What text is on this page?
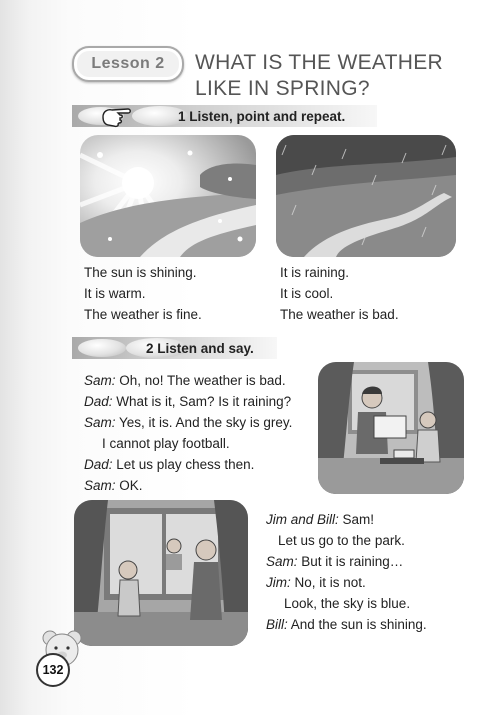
Lesson 2 WHAT IS THE WEATHER
LIKE IN SPRING?
1 Listen, point and repeat.
The sun is shining.
It is warm.
The weather is fine.
It is raining.
It is cool.
The weather is bad.
2 Listen and say.
Sam: Oh, no! The weather is bad.
Dad: What is it, Sam? Is it raining?
Sam: Yes, it is. And the sky is grey.
I cannot play football.
Dad: Let us play chess then.
Sam: OK.
Jim and Bill: Sam!
Let us go to the park.
Sam: But it is raining…
Jim: No, it is not.
Look, the sky is blue.
Bill: And the sun is shining.
132
